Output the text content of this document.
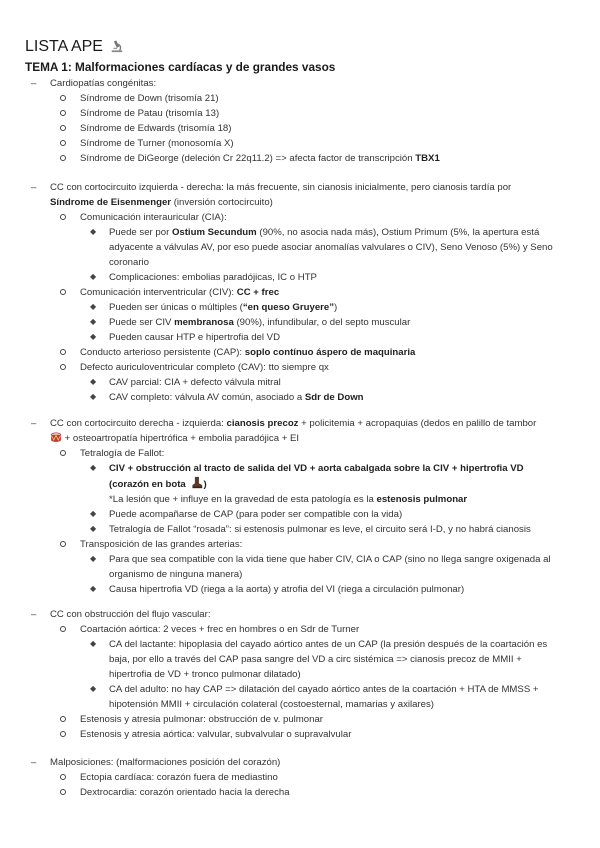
LISTA APE
TEMA 1: Malformaciones cardíacas y de grandes vasos
–	Cardiopatías congénitas:
Síndrome de Down (trisomía 21)
Síndrome de Patau (trisomía 13)
Síndrome de Edwards (trisomía 18)
Síndrome de Turner (monosomía X)
Síndrome de DiGeorge (deleción Cr 22q11.2) => afecta factor de transcripción TBX1
–	CC con cortocircuito izquierda - derecha: la más frecuente, sin cianosis inicialmente, pero cianosis tardía por
Síndrome de Eisenmenger (inversión cortocircuito)
Comunicación interauricular (CIA):
◆
Puede ser por Ostium Secundum (90%, no asocia nada más), Ostium Primum (5%, la apertura está
adyacente a válvulas AV, por eso puede asociar anomalías valvulares o CIV), Seno Venoso (5%) y Seno
coronario
◆
Complicaciones: embolias paradójicas, IC o HTP
Comunicación interventricular (CIV): CC + frec
◆
Pueden ser únicas o múltiples (“en queso Gruyere”)
◆
Puede ser CIV membranosa (90%), infundibular, o del septo muscular
◆
Pueden causar HTP e hipertrofia del VD
Conducto arterioso persistente (CAP): soplo contínuo áspero de maquinaria
Defecto auriculoventricular completo (CAV): tto siempre qx
◆
CAV parcial: CIA + defecto válvula mitral
◆
CAV completo: válvula AV común, asociado a Sdr de Down
–	CC con cortocircuito derecha - izquierda: cianosis precoz + policitemia + acropaquias (dedos en palillo de tambor
+ osteoartropatía hipertrófica + embolia paradójica + EI
Tetralogía de Fallot:
◆
CIV + obstrucción al tracto de salida del VD + aorta cabalgada sobre la CIV + hipertrofia VD
(corazón en bota )
*La lesión que + influye en la gravedad de esta patología es la estenosis pulmonar
◆
Puede acompañarse de CAP (para poder ser compatible con la vida)
◆
Tetralogía de Fallot “rosada”: si estenosis pulmonar es leve, el circuito será I-D, y no habrá cianosis
Transposición de las grandes arterias:
◆
Para que sea compatible con la vida tiene que haber CIV, CIA o CAP (sino no llega sangre oxigenada al
organismo de ninguna manera)
◆
Causa hipertrofia VD (riega a la aorta) y atrofia del VI (riega a circulación pulmonar)
–	CC con obstrucción del flujo vascular:
Coartación aórtica: 2 veces + frec en hombres o en Sdr de Turner
◆
CA del lactante: hipoplasia del cayado aórtico antes de un CAP (la presión después de la coartación es
baja, por ello a través del CAP pasa sangre del VD a circ sistémica => cianosis precoz de MMII +
hipertrofia de VD + tronco pulmonar dilatado)
◆
CA del adulto: no hay CAP => dilatación del cayado aórtico antes de la coartación + HTA de MMSS +
hipotensión MMII + circulación colateral (costoesternal, mamarias y axilares)
Estenosis y atresia pulmonar: obstrucción de v. pulmonar
Estenosis y atresia aórtica: valvular, subvalvular o supravalvular
–	Malposiciones: (malformaciones posición del corazón)
Ectopia cardíaca: corazón fuera de mediastino
Dextrocardia: corazón orientado hacia la derecha
